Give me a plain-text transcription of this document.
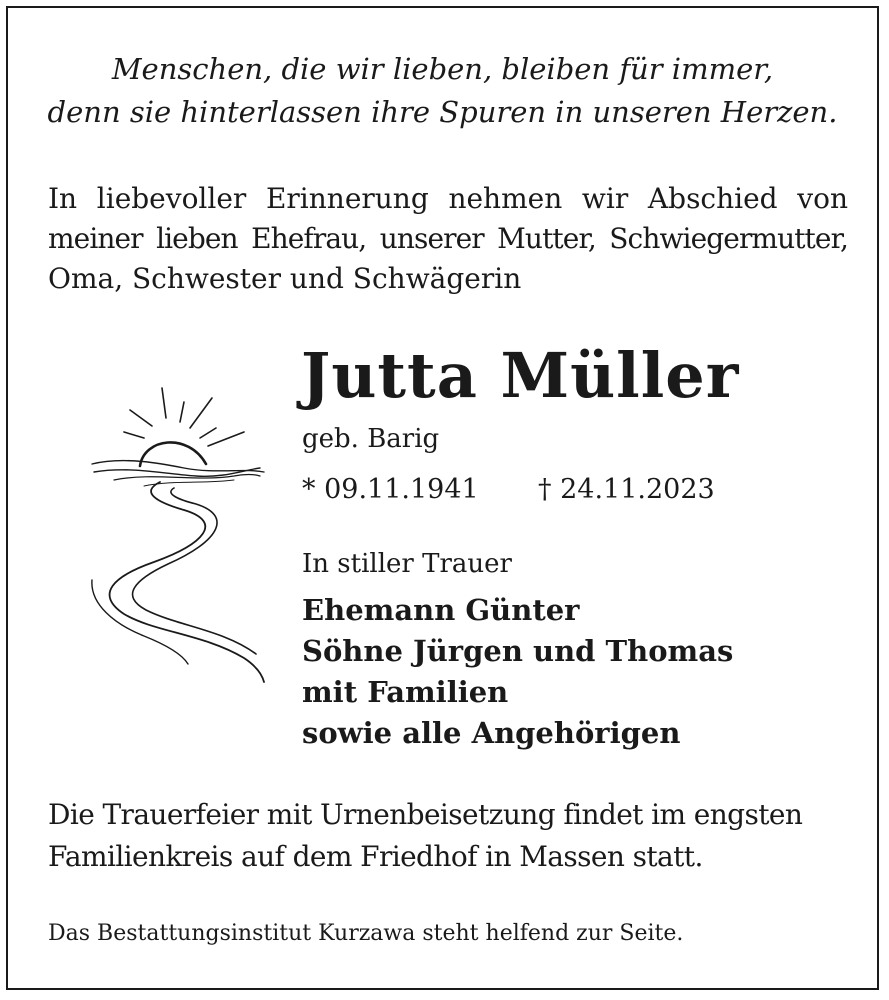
Menschen, die wir lieben, bleiben für immer,
denn sie hinterlassen ihre Spuren in unseren Herzen.
In liebevoller Erinnerung nehmen wir Abschied von
meiner lieben Ehefrau, unserer Mutter, Schwiegermutter,
Oma, Schwester und Schwägerin
Jutta Müller
geb. Barig
* 09.11.1941 † 24.11.2023
In stiller Trauer
Ehemann Günter
Söhne Jürgen und Thomas
mit Familien
sowie alle Angehörigen
Die Trauerfeier mit Urnenbeisetzung findet im engsten
Familienkreis auf dem Friedhof in Massen statt.
Das Bestattungsinstitut Kurzawa steht helfend zur Seite.
